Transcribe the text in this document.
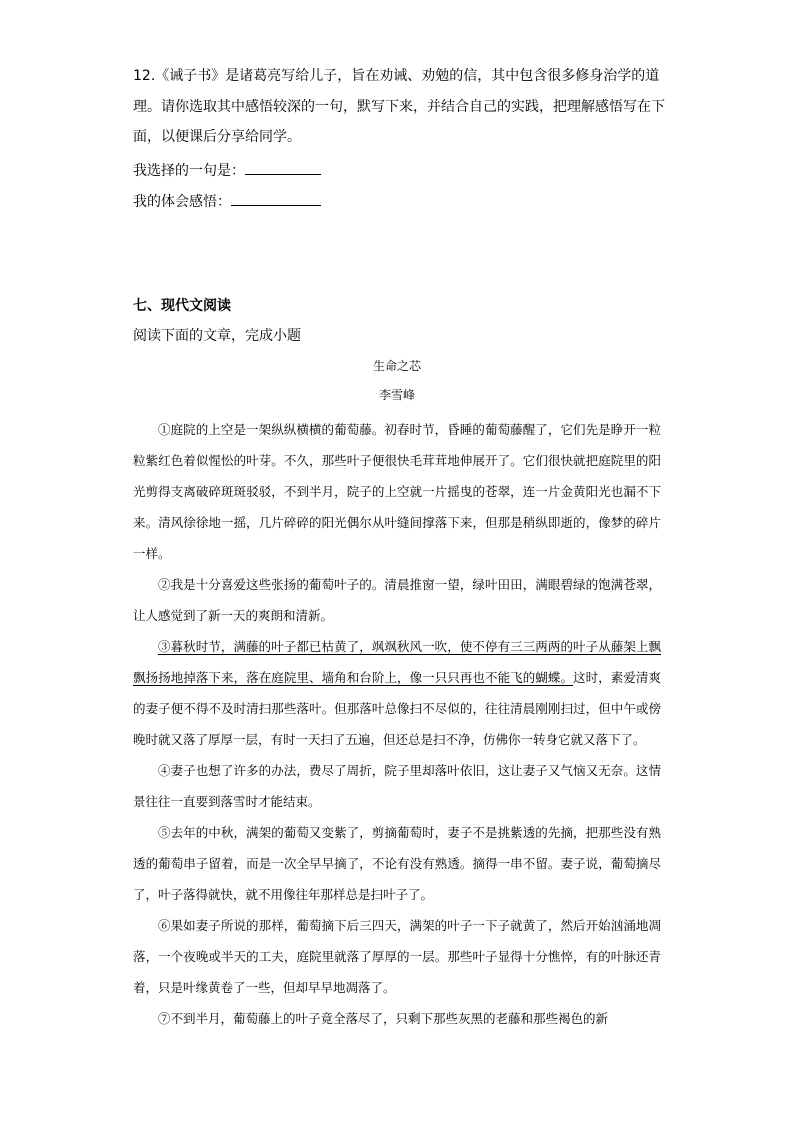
12.《诫子书》是诸葛亮写给儿子，旨在劝诫、劝勉的信，其中包含很多修身治学的道
理。请你选取其中感悟较深的一句，默写下来，并结合自己的实践，把理解感悟写在下
面，以便课后分享给同学。
我选择的一句是：
我的体会感悟：
七、现代文阅读
阅读下面的文章，完成小题
生命之芯
李雪峰

①庭院的上空是一架纵纵横横的葡萄藤。初春时节，昏睡的葡萄藤醒了，它们先是睁开一粒粒紫红色着似惺忪的叶芽。不久，那些叶子便很快毛茸茸地伸展开了。它们很快就把庭院里的阳光剪得支离破碎斑斑驳驳，不到半月，院子的上空就一片摇曳的苍翠，连一片金黄阳光也漏不下来。清风徐徐地一摇，几片碎碎的阳光偶尔从叶缝间撑落下来，但那是稍纵即逝的，像梦的碎片一样。

②我是十分喜爱这些张扬的葡萄叶子的。清晨推窗一望，绿叶田田，满眼碧绿的饱满苍翠，让人感觉到了新一天的爽朗和清新。

③暮秋时节，满藤的叶子都已枯黄了，飒飒秋风一吹，使不停有三三两两的叶子从藤架上飘飘扬扬地掉落下来，落在庭院里、墙角和台阶上，像一只只再也不能飞的蝴蝶。这时，素爱清爽的妻子便不得不及时清扫那些落叶。但那落叶总像扫不尽似的，往往清晨刚刚扫过，但中午或傍晚时就又落了厚厚一层，有时一天扫了五遍，但还总是扫不净，仿佛你一转身它就又落下了。

④妻子也想了许多的办法，费尽了周折，院子里却落叶依旧，这让妻子又气恼又无奈。这情景往往一直要到落雪时才能结束。

⑤去年的中秋，满架的葡萄又变紫了，剪摘葡萄时，妻子不是挑紫透的先摘，把那些没有熟透的葡萄串子留着，而是一次全早早摘了，不论有没有熟透。摘得一串不留。妻子说，葡萄摘尽了，叶子落得就快，就不用像往年那样总是扫叶子了。

⑥果如妻子所说的那样，葡萄摘下后三四天，满架的叶子一下子就黄了，然后开始汹涌地凋落，一个夜晚或半天的工夫，庭院里就落了厚厚的一层。那些叶子显得十分憔悴，有的叶脉还青着，只是叶缘黄卷了一些，但却早早地凋落了。

⑦不到半月，葡萄藤上的叶子竟全落尽了，只剩下那些灰黑的老藤和那些褐色的新
